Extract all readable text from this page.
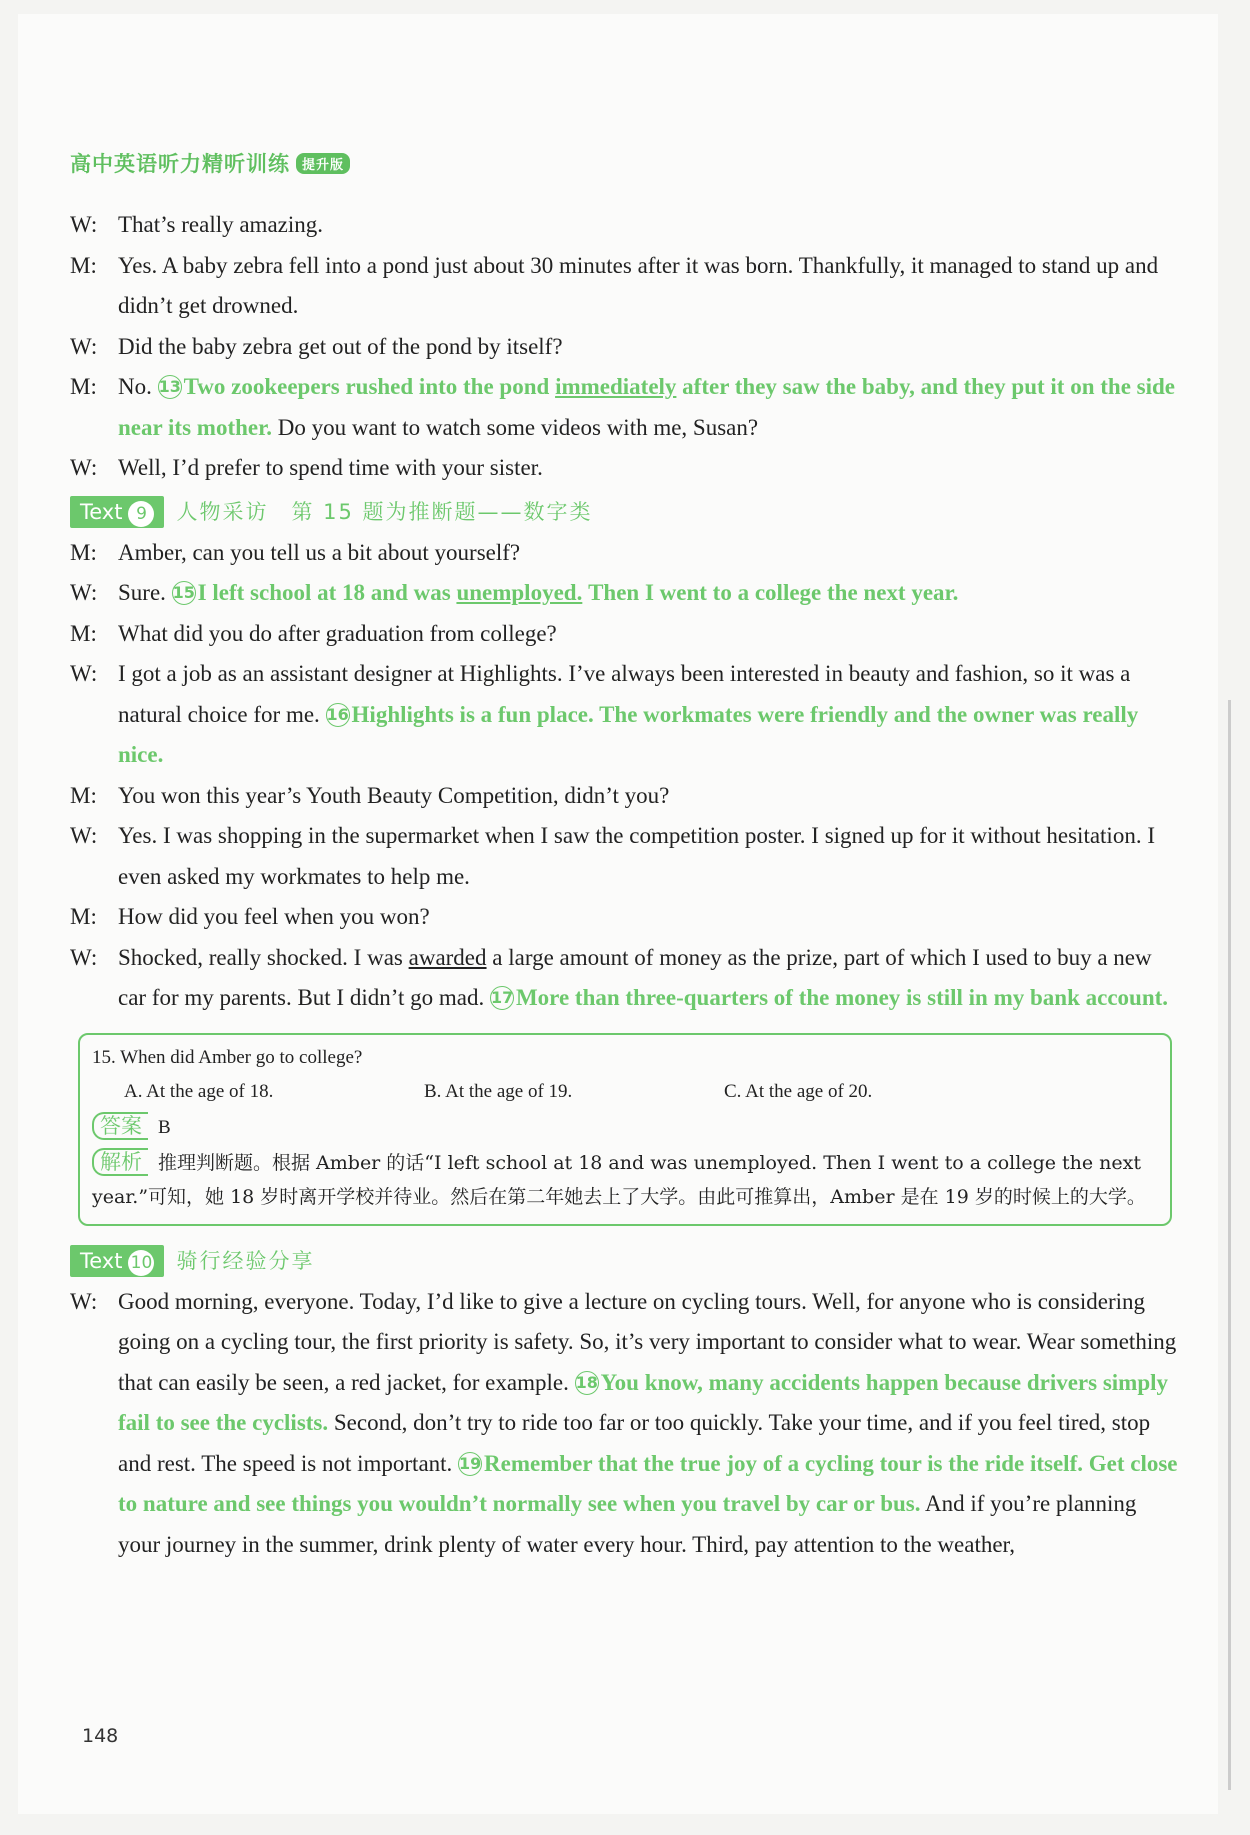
高中英语听力精听训练 提升版
W: That’s really amazing.
M: Yes. A baby zebra fell into a pond just about 30 minutes after it was born. Thankfully, it managed to stand up and didn’t get drowned.
W: Did the baby zebra get out of the pond by itself?
M: No. 13 Two zookeepers rushed into the pond immediately after they saw the baby, and they put it on the side near its mother. Do you want to watch some videos with me, Susan?
W: Well, I’d prefer to spend time with your sister.
Text 9 人物采访　第 15 题为推断题——数字类
M: Amber, can you tell us a bit about yourself?
W: Sure. 15 I left school at 18 and was unemployed. Then I went to a college the next year.
M: What did you do after graduation from college?
W: I got a job as an assistant designer at Highlights. I’ve always been interested in beauty and fashion, so it was a natural choice for me. 16 Highlights is a fun place. The workmates were friendly and the owner was really nice.
M: You won this year’s Youth Beauty Competition, didn’t you?
W: Yes. I was shopping in the supermarket when I saw the competition poster. I signed up for it without hesitation. I even asked my workmates to help me.
M: How did you feel when you won?
W: Shocked, really shocked. I was awarded a large amount of money as the prize, part of which I used to buy a new car for my parents. But I didn’t go mad. 17 More than three-quarters of the money is still in my bank account.
15. When did Amber go to college?
A. At the age of 18.	B. At the age of 19.	C. At the age of 20.
答案 B
解析 推理判断题。根据 Amber 的话“I left school at 18 and was unemployed. Then I went to a college the next year.”可知，她 18 岁时离开学校并待业。然后在第二年她去上了大学。由此可推算出，Amber 是在 19 岁的时候上的大学。
Text 10 骑行经验分享
W: Good morning, everyone. Today, I’d like to give a lecture on cycling tours. Well, for anyone who is considering going on a cycling tour, the first priority is safety. So, it’s very important to consider what to wear. Wear something that can easily be seen, a red jacket, for example. 18 You know, many accidents happen because drivers simply fail to see the cyclists. Second, don’t try to ride too far or too quickly. Take your time, and if you feel tired, stop and rest. The speed is not important. 19 Remember that the true joy of a cycling tour is the ride itself. Get close to nature and see things you wouldn’t normally see when you travel by car or bus. And if you’re planning your journey in the summer, drink plenty of water every hour. Third, pay attention to the weather,
148
